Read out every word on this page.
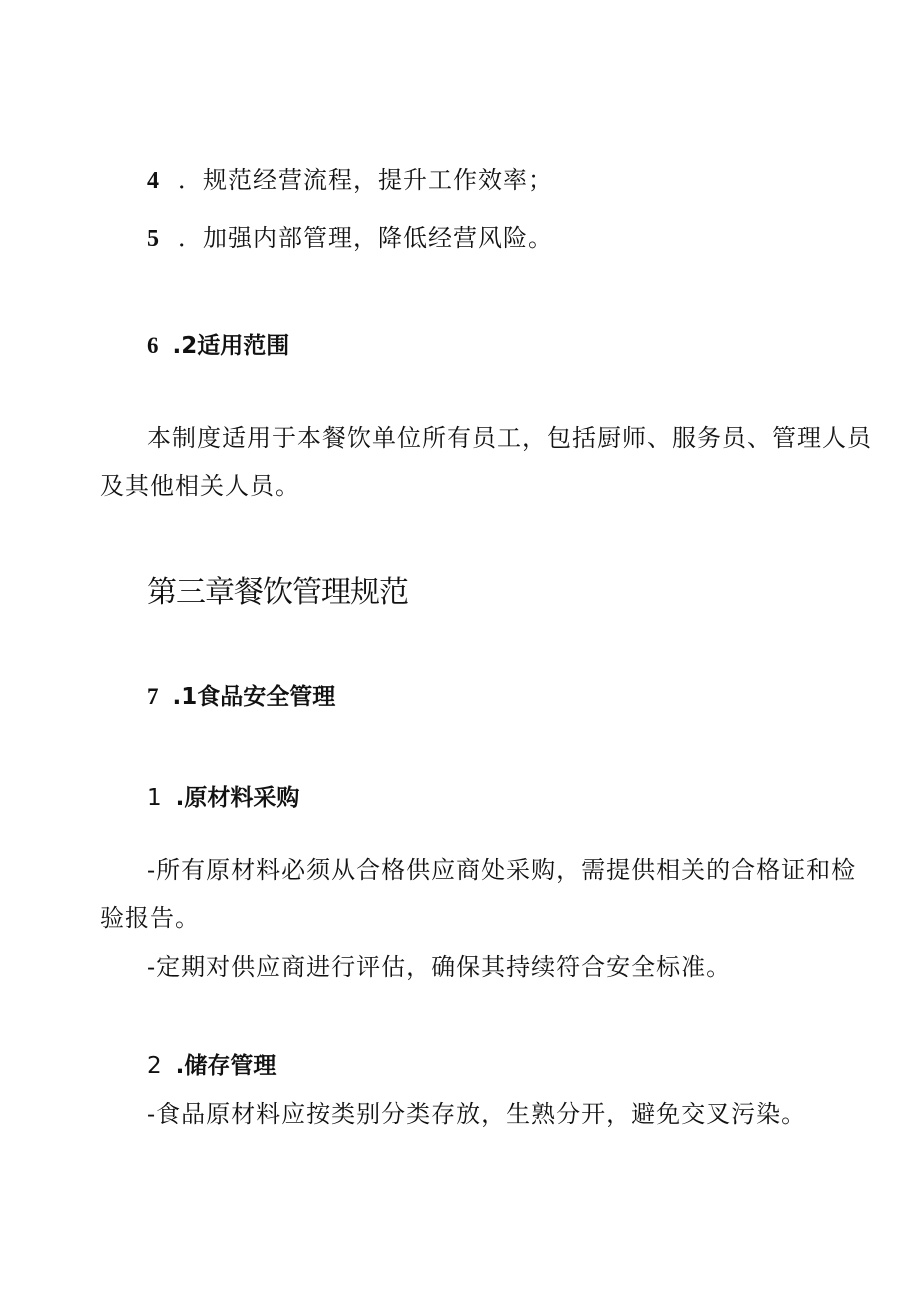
4 ．规范经营流程，提升工作效率；
5 ．加强内部管理，降低经营风险。
6 .2适用范围
本制度适用于本餐饮单位所有员工，包括厨师、服务员、管理人员
及其他相关人员。
第三章餐饮管理规范
7 .1食品安全管理
1 .原材料采购
-所有原材料必须从合格供应商处采购，需提供相关的合格证和检
验报告。
-定期对供应商进行评估，确保其持续符合安全标准。
2 .储存管理
-食品原材料应按类别分类存放，生熟分开，避免交叉污染。
